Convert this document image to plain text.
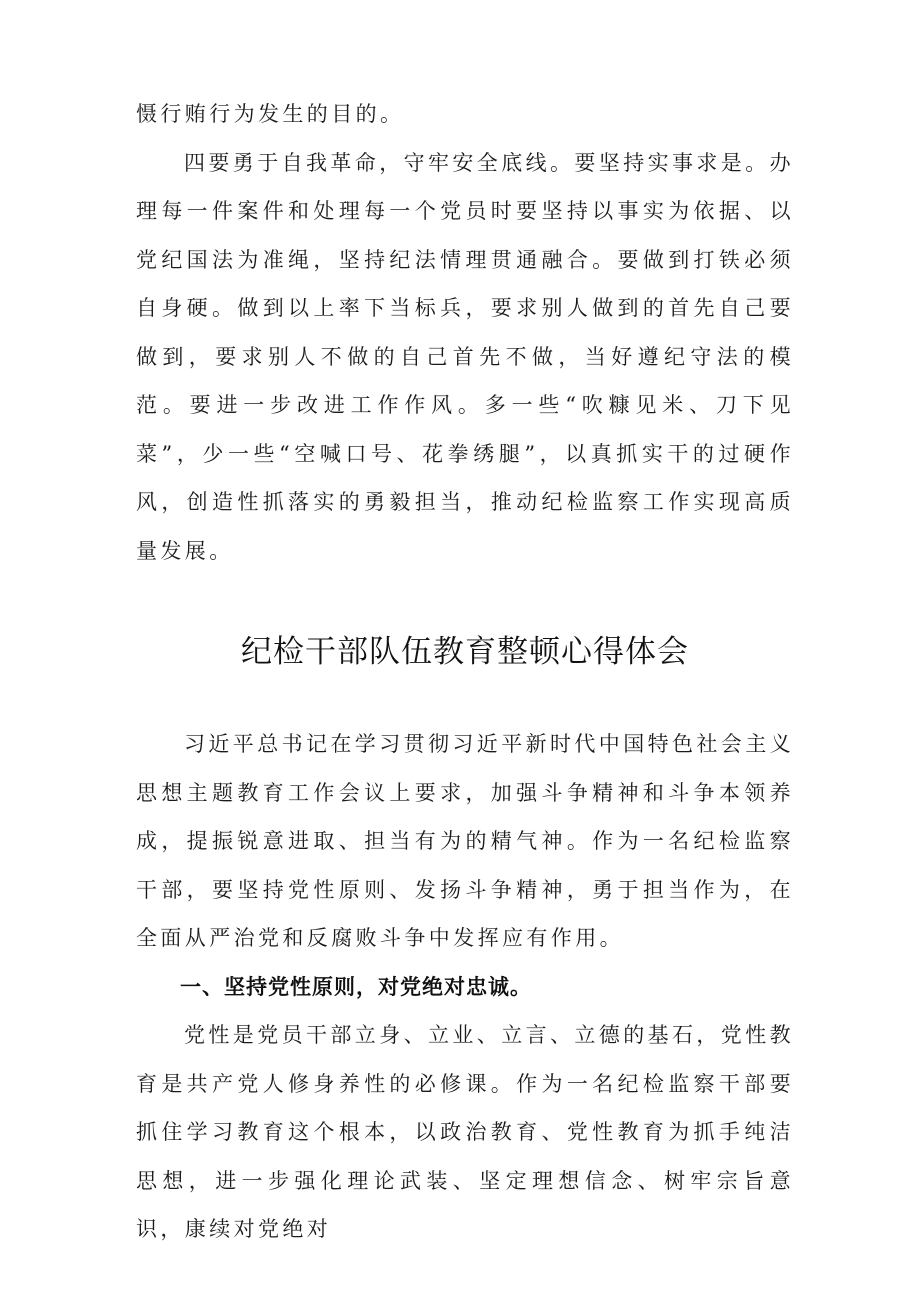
慑行贿行为发生的目的。

四要勇于自我革命，守牢安全底线。要坚持实事求是。办理每一件案件和处理每一个党员时要坚持以事实为依据、以党纪国法为准绳，坚持纪法情理贯通融合。要做到打铁必须自身硬。做到以上率下当标兵，要求别人做到的首先自己要做到，要求别人不做的自己首先不做，当好遵纪守法的模范。要进一步改进工作作风。多一些“吹糠见米、刀下见菜”，少一些“空喊口号、花拳绣腿”，以真抓实干的过硬作风，创造性抓落实的勇毅担当，推动纪检监察工作实现高质量发展。

纪检干部队伍教育整顿心得体会

习近平总书记在学习贯彻习近平新时代中国特色社会主义思想主题教育工作会议上要求，加强斗争精神和斗争本领养成，提振锐意进取、担当有为的精气神。作为一名纪检监察干部，要坚持党性原则、发扬斗争精神，勇于担当作为，在全面从严治党和反腐败斗争中发挥应有作用。

一、坚持党性原则，对党绝对忠诚。

党性是党员干部立身、立业、立言、立德的基石，党性教育是共产党人修身养性的必修课。作为一名纪检监察干部要抓住学习教育这个根本，以政治教育、党性教育为抓手纯洁思想，进一步强化理论武装、坚定理想信念、树牢宗旨意识，康续对党绝对
